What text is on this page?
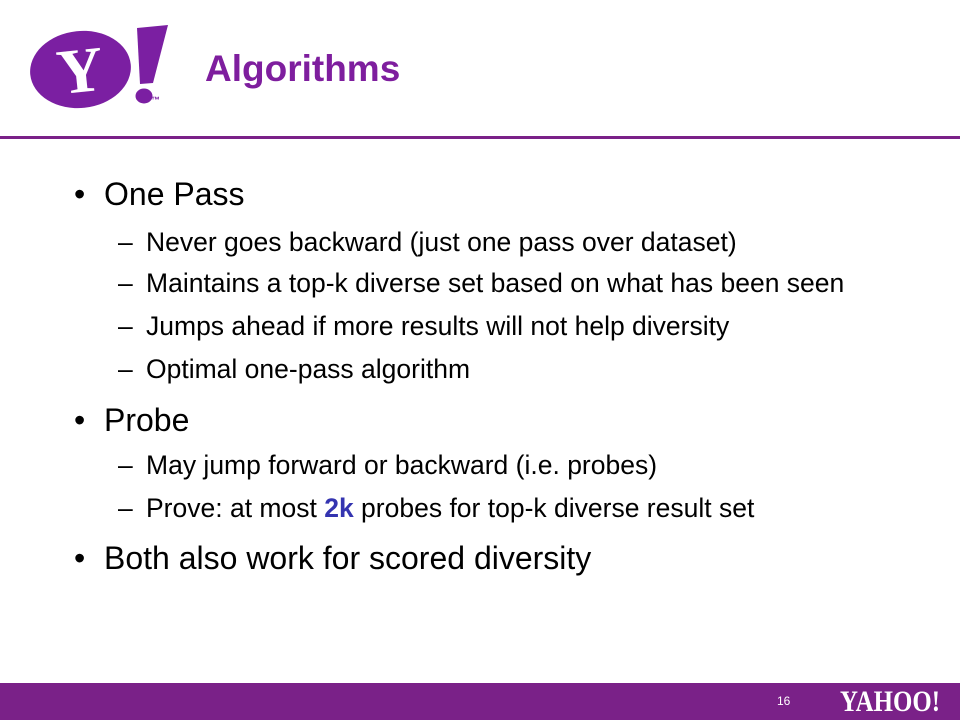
Y	™
Algorithms
• One Pass
– Never goes backward (just one pass over dataset)
– Maintains a top-k diverse set based on what has been seen
– Jumps ahead if more results will not help diversity
– Optimal one-pass algorithm
• Probe
– May jump forward or backward (i.e. probes)
– Prove: at most 2k probes for top-k diverse result set
• Both also work for scored diversity
16 YAHOO!
